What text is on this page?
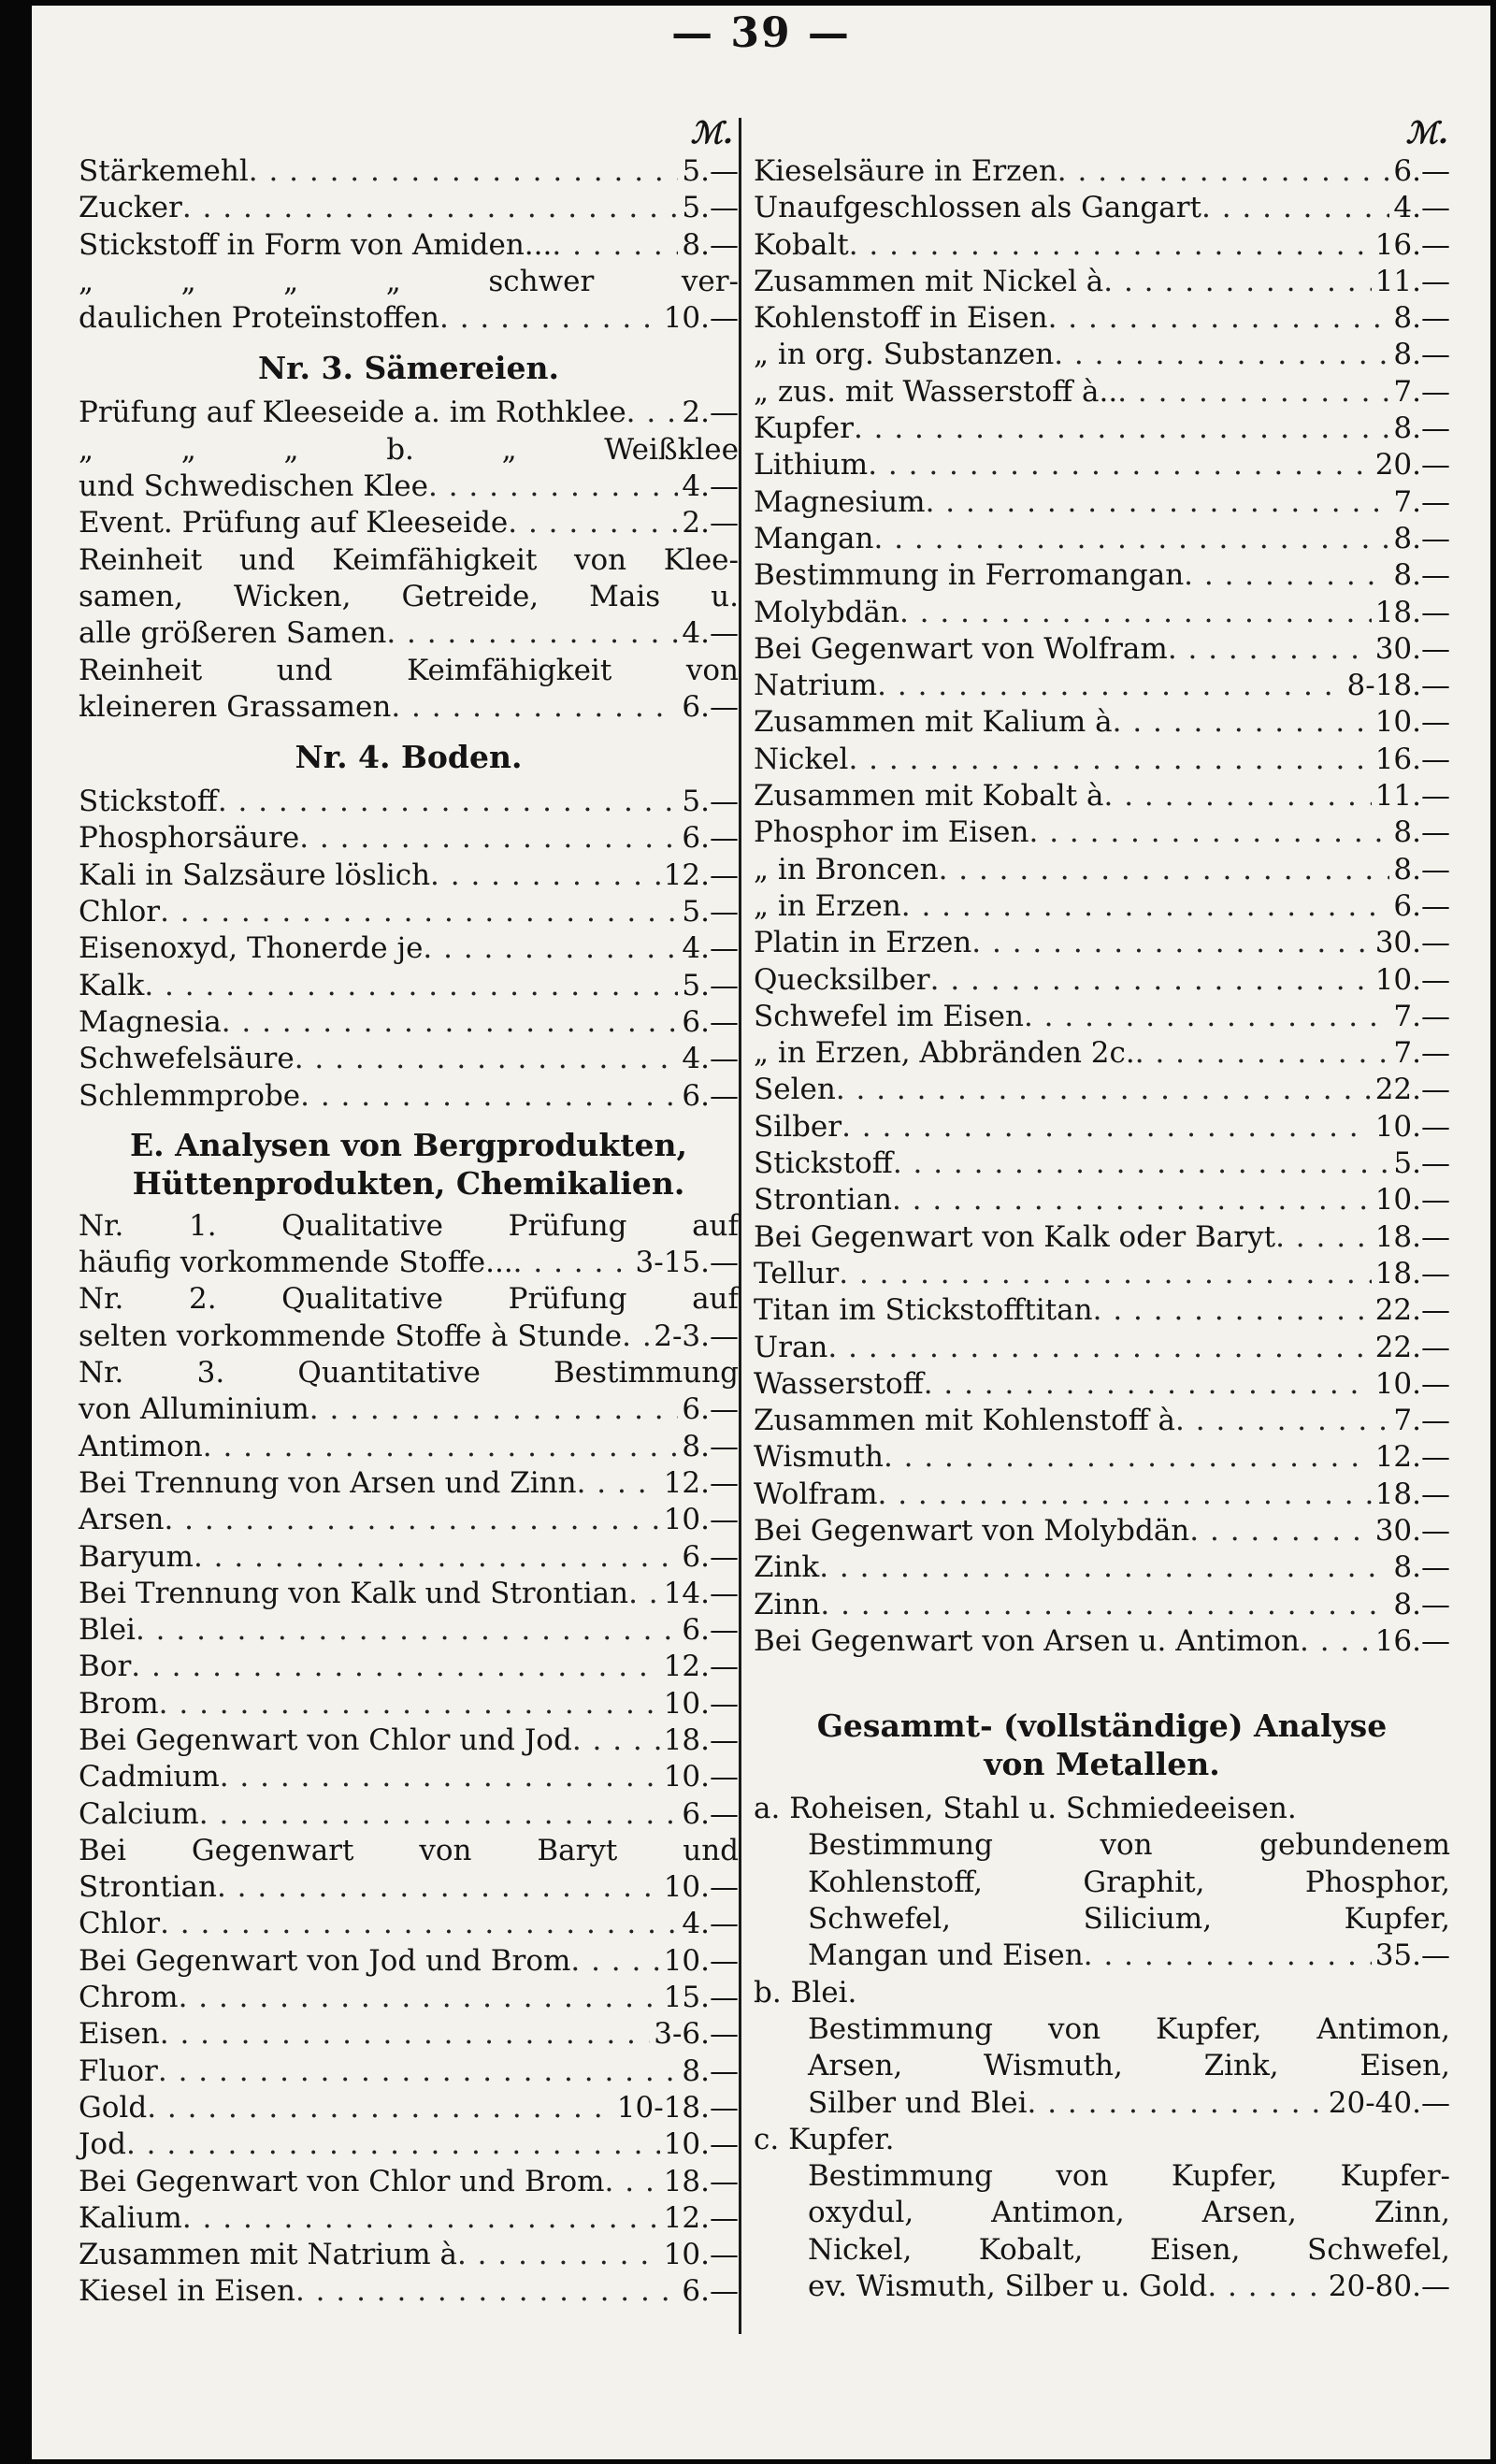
— 39 —
ℳ.
Stärkemehl . . .	5.—
Zucker . . .	5.—
Stickstoff in Form von Amiden... . . .	8.—
„ „ „ „ schwer ver-
daulichen Proteïnstoffen . . .	10.—
Nr. 3. Sämereien.
Prüfung auf Kleeseide a. im Rothklee . . . 2.—
„ „ „ b. „ Weißklee
und Schwedischen Klee . . .	4.—
Event. Prüfung auf Kleeseide . . .	2.—
Reinheit und Keimfähigkeit von Klee-
samen, Wicken, Getreide, Mais u.
alle größeren Samen . . .	4.—
Reinheit und Keimfähigkeit von
kleineren Grassamen . . .	6.—
Nr. 4. Boden.
Stickstoff . . .	5.—
Phosphorsäure . . .	6.—
Kali in Salzsäure löslich . . .	12.—
Chlor . . .	5.—
Eisenoxyd, Thonerde je . . .	4.—
Kalk . . .	5.—
Magnesia . . .	6.—
Schwefelsäure . . .	4.—
Schlemmprobe . . .	6.—
E. Analysen von Bergprodukten,
Hüttenprodukten, Chemikalien.
Nr. 1. Qualitative Prüfung auf
häufig vorkommende Stoffe... . . .	3-15.—
Nr. 2. Qualitative Prüfung auf
selten vorkommende Stoffe à Stunde . . . 2-3.—
Nr. 3. Quantitative Bestimmung
von Alluminium . . .	6.—
Antimon . . .	8.—
Bei Trennung von Arsen und Zinn . . .	12.—
Arsen . . .	10.—
Baryum . . .	6.—
Bei Trennung von Kalk und Strontian . . . 14.—
Blei . . .	6.—
Bor . . .	12.—
Brom . . .	10.—
Bei Gegenwart von Chlor und Jod . . .	18.—
Cadmium . . .	10.—
Calcium . . .	6.—
Bei Gegenwart von Baryt und
Strontian . . .	10.—
Chlor . . .	4.—
Bei Gegenwart von Jod und Brom . . .	10.—
Chrom . . .	15.—
Eisen . . .	3-6.—
Fluor . . .	8.—
Gold . . .	10-18.—
Jod . . .	10.—
Bei Gegenwart von Chlor und Brom . . . 18.—
Kalium . . .	12.—
Zusammen mit Natrium à . . .	10.—
Kiesel in Eisen . . .	6.—
ℳ.
Kieselsäure in Erzen . . .	6.—
Unaufgeschlossen als Gangart . . .	4.—
Kobalt . . .	16.—
Zusammen mit Nickel à . . .	11.—
Kohlenstoff in Eisen . . .	8.—
„ in org. Substanzen . . .	8.—
„ zus. mit Wasserstoff à.. . . .	7.—
Kupfer . . .	8.—
Lithium . . .	20.—
Magnesium . . .	7.—
Mangan . . .	8.—
Bestimmung in Ferromangan . . .	8.—
Molybdän . . .	18.—
Bei Gegenwart von Wolfram . . .	30.—
Natrium . . .	8-18.—
Zusammen mit Kalium à . . .	10.—
Nickel . . .	16.—
Zusammen mit Kobalt à . . .	11.—
Phosphor im Eisen . . .	8.—
„ in Broncen . . .	8.—
„ in Erzen . . .	6.—
Platin in Erzen . . .	30.—
Quecksilber . . .	10.—
Schwefel im Eisen . . .	7.—
„ in Erzen, Abbränden 2c. . . .	7.—
Selen . . .	22.—
Silber . . .	10.—
Stickstoff . . .	5.—
Strontian . . .	10.—
Bei Gegenwart von Kalk oder Baryt . . .	18.—
Tellur . . .	18.—
Titan im Stickstofftitan . . .	22.—
Uran . . .	22.—
Wasserstoff . . .	10.—
Zusammen mit Kohlenstoff à . . .	7.—
Wismuth . . .	12.—
Wolfram . . .	18.—
Bei Gegenwart von Molybdän . . .	30.—
Zink . . .	8.—
Zinn . . .	8.—
Bei Gegenwart von Arsen u. Antimon . . .	16.—
Gesammt- (vollständige) Analyse
von Metallen.
a. Roheisen, Stahl u. Schmiedeeisen.
Bestimmung von gebundenem
Kohlenstoff, Graphit, Phosphor,
Schwefel, Silicium, Kupfer,
Mangan und Eisen . . .	35.—
b. Blei.
Bestimmung von Kupfer, Antimon,
Arsen, Wismuth, Zink, Eisen,
Silber und Blei . . .	20-40.—
c. Kupfer.
Bestimmung von Kupfer, Kupfer-
oxydul, Antimon, Arsen, Zinn,
Nickel, Kobalt, Eisen, Schwefel,
ev. Wismuth, Silber u. Gold . . .	20-80.—
